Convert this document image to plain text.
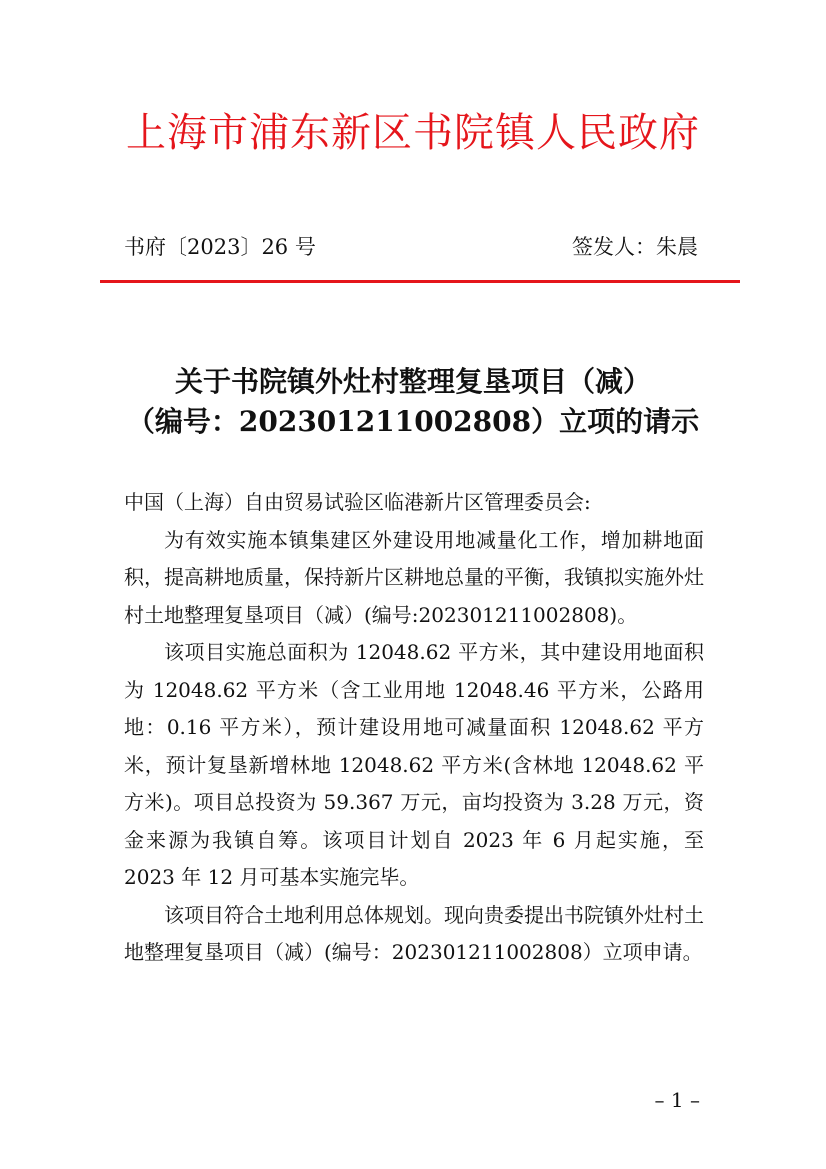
上海市浦东新区书院镇人民政府
书府〔2023〕26 号	签发人：朱晨
关于书院镇外灶村整理复垦项目（减）
（编号：202301211002808）立项的请示

中国（上海）自由贸易试验区临港新片区管理委员会:

为有效实施本镇集建区外建设用地减量化工作，增加耕地面积，提高耕地质量，保持新片区耕地总量的平衡，我镇拟实施外灶村土地整理复垦项目（减）(编号:202301211002808)。

该项目实施总面积为 12048.62 平方米，其中建设用地面积为 12048.62 平方米（含工业用地 12048.46 平方米，公路用地：0.16 平方米），预计建设用地可减量面积 12048.62 平方米，预计复垦新增林地 12048.62 平方米(含林地 12048.62 平方米)。项目总投资为 59.367 万元，亩均投资为 3.28 万元，资金来源为我镇自筹。该项目计划自 2023 年 6 月起实施，至 2023 年 12 月可基本实施完毕。

该项目符合土地利用总体规划。现向贵委提出书院镇外灶村土地整理复垦项目（减）(编号：202301211002808）立项申请。

– 1 –
